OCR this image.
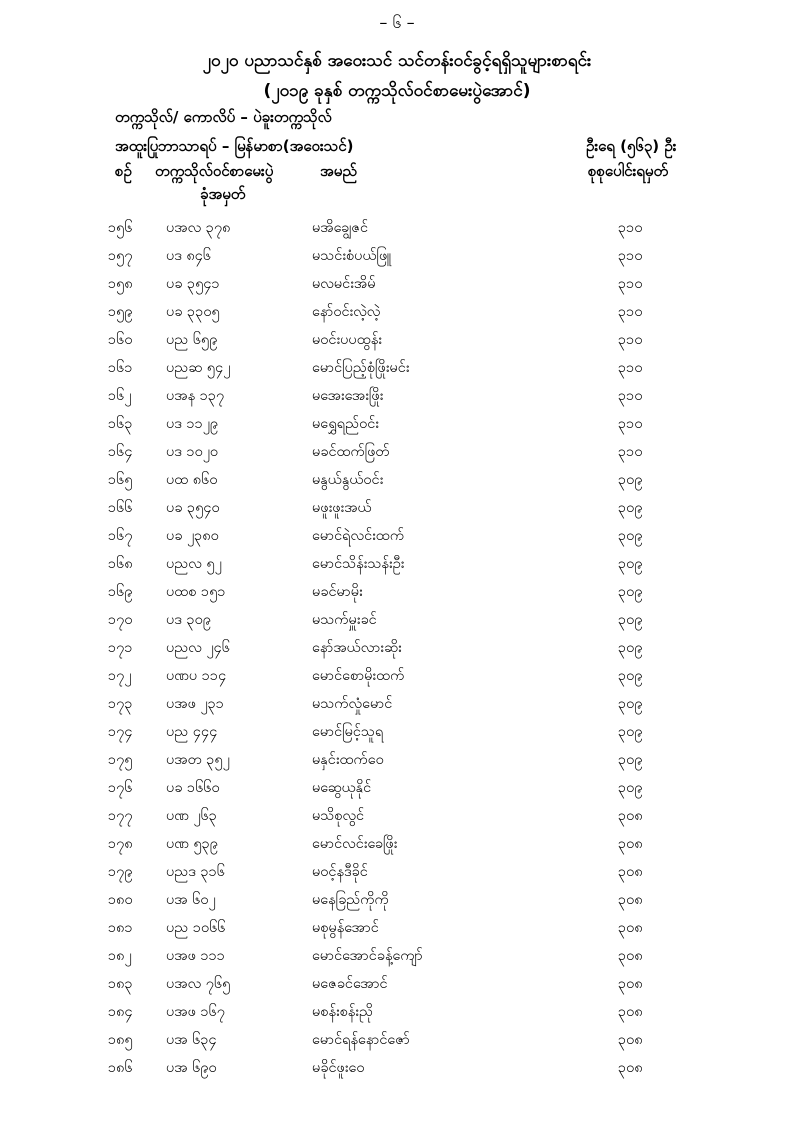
– ၆ –
၂၀၂၀ ပညာသင်နှစ် အဝေးသင် သင်တန်းဝင်ခွင့်ရရှိသူများစာရင်း
(၂၀၁၉ ခုနှစ် တက္ကသိုလ်ဝင်စာမေးပွဲအောင်)
တက္ကသိုလ်/ ကောလိပ် – ပဲခူးတက္ကသိုလ်
အထူးပြုဘာသာရပ် – မြန်မာစာ(အဝေးသင်)	ဦးရေ (၅၆၃) ဦး
စဉ် တက္ကသိုလ်ဝင်စာမေးပွဲ
ခုံအမှတ်
အမည်	စုစုပေါင်းရမှတ်
၁၅၆ ပအလ ၃၇၈	မအိချွေဇင်	၃၁၀
၁၅၇ ပဒ ၈၄၆	မသင်းစံပယ်ဖြူ	၃၁၀
၁၅၈ ပခ ၃၅၄၁	မလမင်းအိမ်	၃၁၀
၁၅၉ ပခ ၃၃၀၅	နော်ဝင်းလဲ့လဲ့	၃၁၀
၁၆၀ ပည ၆၅၉	မဝင်းပပထွန်း	၃၁၀
၁၆၁ ပညဆ ၅၄၂	မောင်ပြည့်စုံဖြိုးမင်း	၃၁၀
၁၆၂ ပအန ၁၃၇	မအေးအေးဖြိုး	၃၁၀
၁၆၃ ပဒ ၁၁၂၉	မရွှေရည်ဝင်း	၃၁၀
၁၆၄ ပဒ ၁၀၂၀	မခင်ထက်ဖြတ်	၃၁၀
၁၆၅ ပထ ၈၆၀	မနွယ်နွယ်ဝင်း	၃၀၉
၁၆၆ ပခ ၃၅၄၀	မဖူးဖူးအယ်	၃၀၉
၁၆၇ ပခ ၂၃၈၀	မောင်ရဲလင်းထက်	၃၀၉
၁၆၈ ပညလ ၅၂	မောင်သိန်းသန်းဦး	၃၀၉
၁၆၉ ပထစ ၁၅၁	မခင်မာမိုး	၃၀၉
၁၇၀ ပဒ ၃၀၉	မသက်မှူးခင်	၃၀၉
၁၇၁ ပညလ ၂၄၆	နော်အယ်လားဆိုး	၃၀၉
၁၇၂ ပဏပ ၁၁၄	မောင်စောမိုးထက်	၃၀၉
၁၇၃ ပအဖ ၂၃၁	မသက်လှုံမောင်	၃၀၉
၁၇၄ ပည ၄၄၄	မောင်မြင့်သူရ	၃၀၉
၁၇၅ ပအတ ၃၅၂	မနှင်းထက်ဝေ	၃၀၉
၁၇၆ ပခ ၁၆၆၀	မဆွေယုနိုင်	၃၀၉
၁၇၇ ပဏ ၂၆၃	မသိစုလွင်	၃၀၈
၁၇၈ ပဏ ၅၃၉	မောင်လင်းခေဖြိုး	၃၀၈
၁၇၉ ပညဒ ၃၁၆	မဝင့်နဒီခိုင်	၃၀၈
၁၈၀ ပအ ၆၀၂	မနေခြည်ကိုကို	၃၀၈
၁၈၁ ပည ၁၀၆၆	မစုမွန်အောင်	၃၀၈
၁၈၂ ပအဖ ၁၁၁	မောင်အောင်ခန့်ကျော်	၃၀၈
၁၈၃ ပအလ ၇၆၅	မဇေခင်အောင်	၃၀၈
၁၈၄ ပအဖ ၁၆၇	မစန်းစန်းညို	၃၀၈
၁၈၅ ပအ ၆၃၄	မောင်ရန်နောင်ဇော်	၃၀၈
၁၈၆ ပအ ၆၉၀	မခိုင်ဖူးဝေ	၃၀၈
